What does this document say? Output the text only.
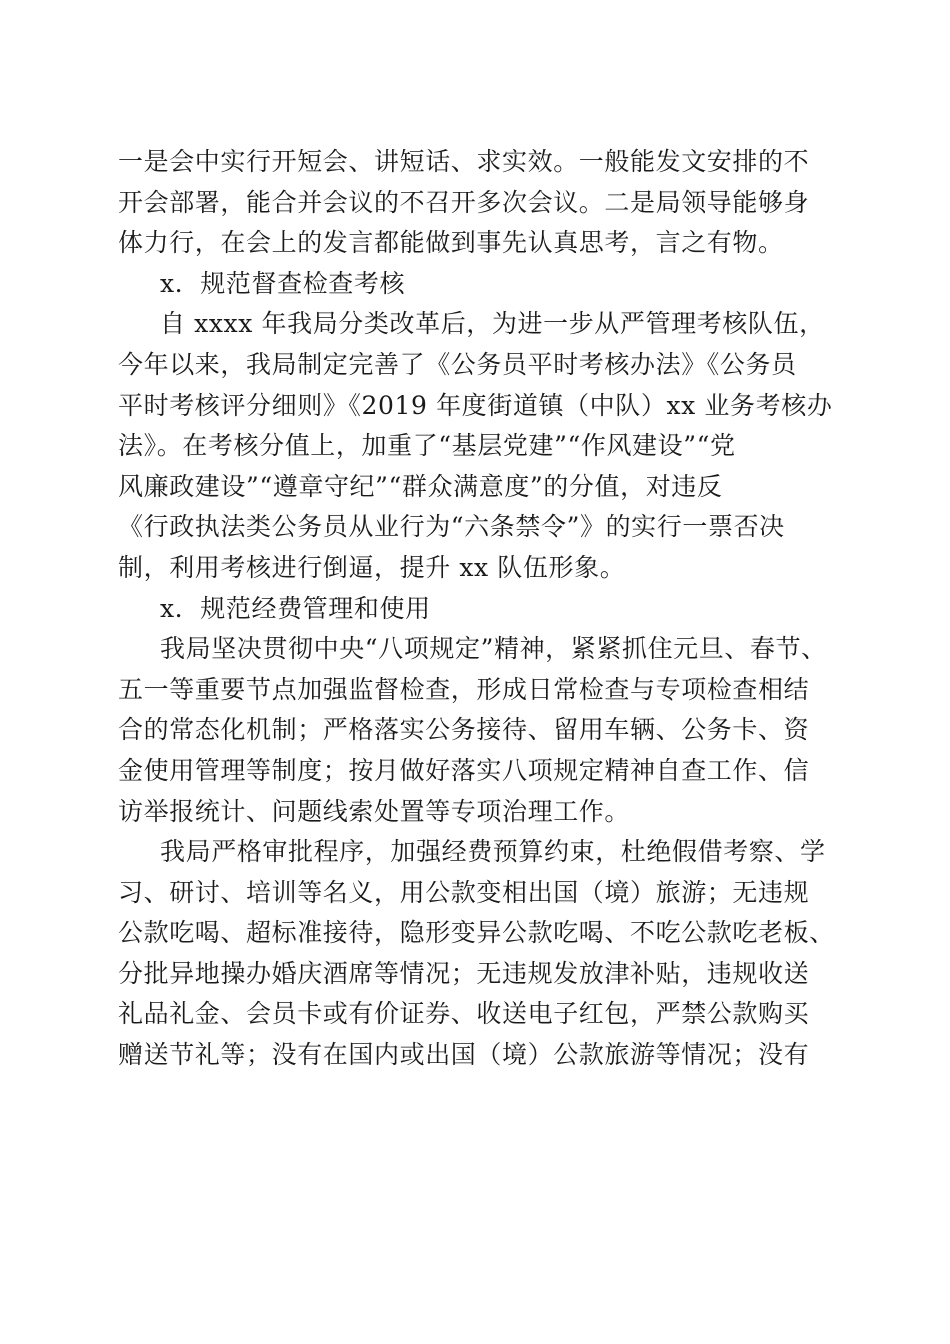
一是会中实行开短会、讲短话、求实效。一般能发文安排的不
开会部署，能合并会议的不召开多次会议。二是局领导能够身
体力行，在会上的发言都能做到事先认真思考，言之有物。
x．规范督查检查考核
自 xxxx 年我局分类改革后，为进一步从严管理考核队伍，
今年以来，我局制定完善了《公务员平时考核办法》《公务员
平时考核评分细则》《2019 年度街道镇（中队）xx 业务考核办
法》。在考核分值上，加重了“基层党建”“作风建设”“党
风廉政建设”“遵章守纪”“群众满意度”的分值，对违反
《行政执法类公务员从业行为“六条禁令”》的实行一票否决
制，利用考核进行倒逼，提升 xx 队伍形象。
x．规范经费管理和使用
我局坚决贯彻中央“八项规定”精神，紧紧抓住元旦、春节、
五一等重要节点加强监督检查，形成日常检查与专项检查相结
合的常态化机制；严格落实公务接待、留用车辆、公务卡、资
金使用管理等制度；按月做好落实八项规定精神自查工作、信
访举报统计、问题线索处置等专项治理工作。
我局严格审批程序，加强经费预算约束，杜绝假借考察、学
习、研讨、培训等名义，用公款变相出国（境）旅游；无违规
公款吃喝、超标准接待，隐形变异公款吃喝、不吃公款吃老板、
分批异地操办婚庆酒席等情况；无违规发放津补贴，违规收送
礼品礼金、会员卡或有价证券、收送电子红包，严禁公款购买
赠送节礼等；没有在国内或出国（境）公款旅游等情况；没有
